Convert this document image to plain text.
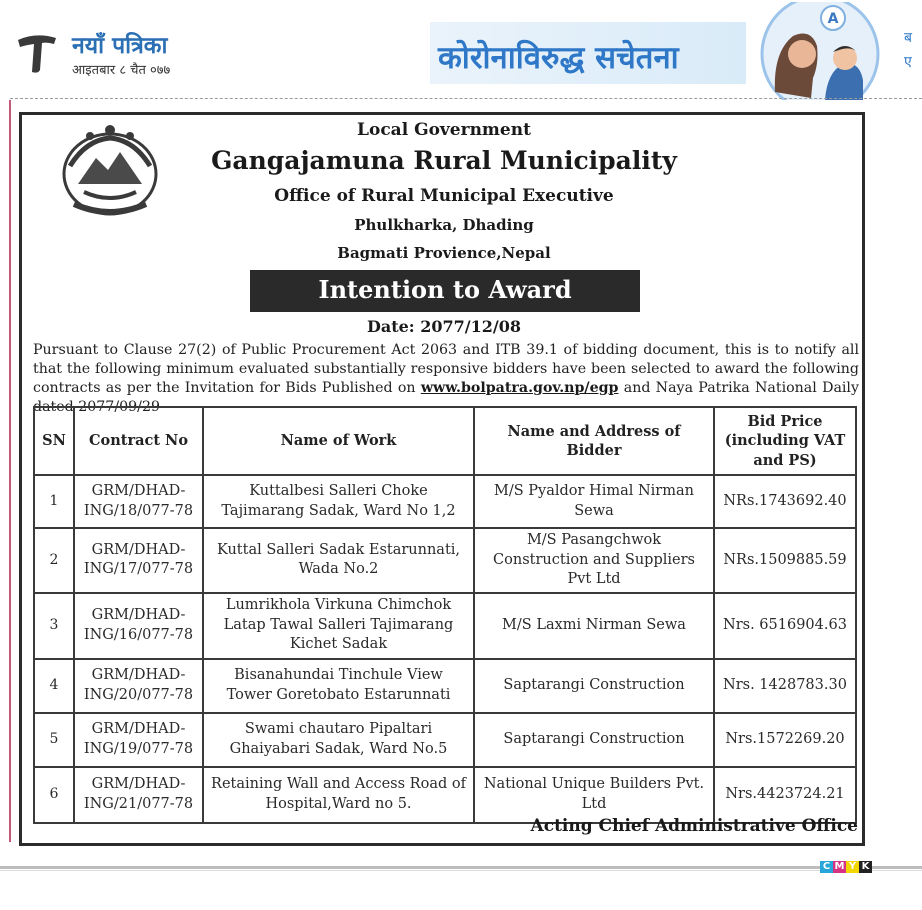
नयाँ पत्रिका
आइतबार ८ चैत ०७७	कोरोनाविरुद्ध सचेतना
A
ब
ए
Local Government
Gangajamuna Rural Municipality
Office of Rural Municipal Executive
Phulkharka, Dhading
Bagmati Provience,Nepal
Intention to Award
Date: 2077/12/08
Pursuant to Clause 27(2) of Public Procurement Act 2063 and ITB 39.1 of bidding document, this is to notify all that the following minimum evaluated substantially responsive bidders have been selected to award the following contracts as per the Invitation for Bids Published on www.bolpatra.gov.np/egp and Naya Patrika National Daily dated 2077/09/29
SN	Contract No	Name of Work	Name and Address of Bidder	Bid Price (including VAT and PS)
1	GRM/DHAD-ING/18/077-78	Kuttalbesi Salleri Choke Tajimarang Sadak, Ward No 1,2	M/S Pyaldor Himal Nirman Sewa	NRs.1743692.40
2	GRM/DHAD-ING/17/077-78	Kuttal Salleri Sadak Estarunnati, Wada No.2	M/S Pasangchwok Construction and Suppliers Pvt Ltd	NRs.1509885.59
3	GRM/DHAD-ING/16/077-78	Lumrikhola Virkuna Chimchok Latap Tawal Salleri Tajimarang Kichet Sadak	M/S Laxmi Nirman Sewa	Nrs. 6516904.63
4	GRM/DHAD-ING/20/077-78	Bisanahundai Tinchule View Tower Goretobato Estarunnati	Saptarangi Construction	Nrs. 1428783.30
5	GRM/DHAD-ING/19/077-78	Swami chautaro Pipaltari Ghaiyabari Sadak, Ward No.5	Saptarangi Construction	Nrs.1572269.20
6	GRM/DHAD-ING/21/077-78	Retaining Wall and Access Road of Hospital,Ward no 5.	National Unique Builders Pvt. Ltd	Nrs.4423724.21
Acting Chief Administrative Office
C M Y K
